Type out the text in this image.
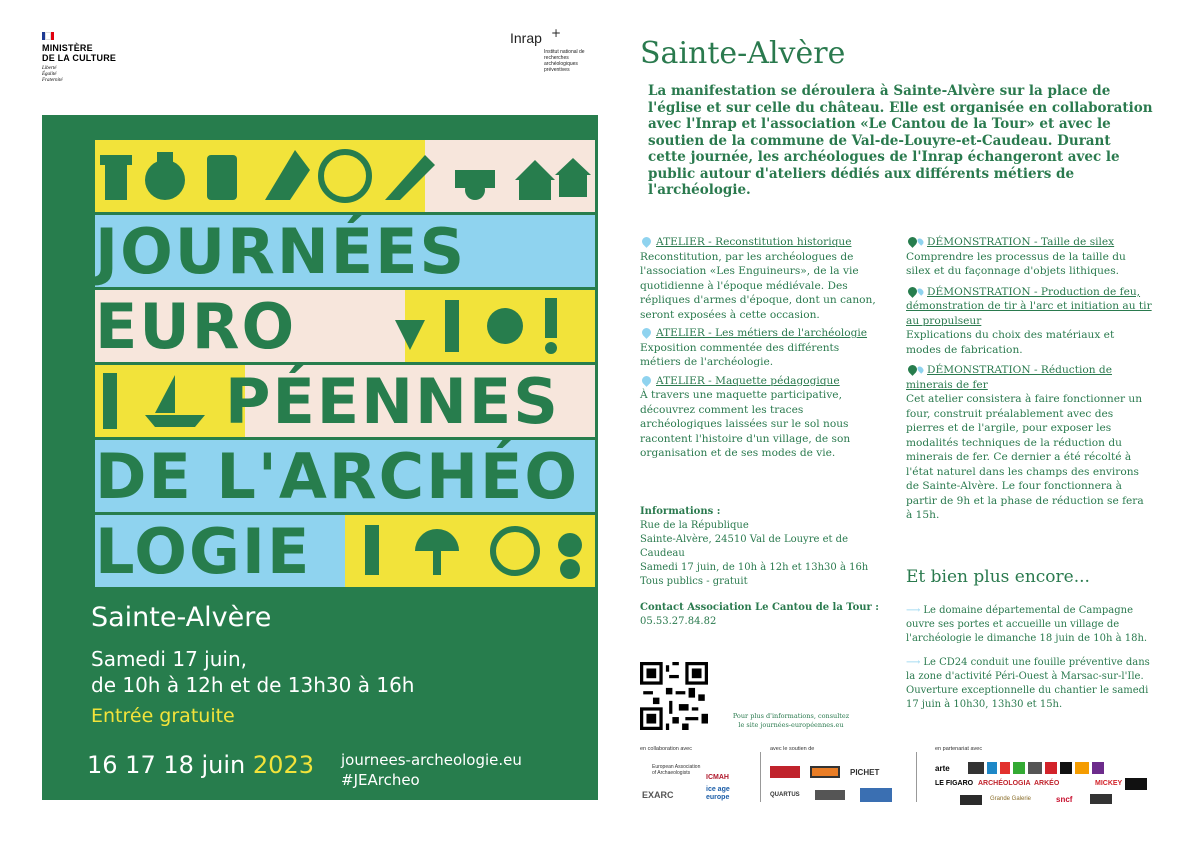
MINISTÈRE
DE LA CULTURE
Liberté
Égalité
Fraternité
Inrap +
Institut national de recherches archéologiques préventives
JOURNÉES
EURO
PÉENNES
DE L'ARCHÉO
LOGIE
Sainte-Alvère
Samedi 17 juin,
de 10h à 12h et de 13h30 à 16h
Entrée gratuite
16 17 18 juin 2023 journees-archeologie.eu
#JEArcheo
Sainte-Alvère
La manifestation se déroulera à Sainte-Alvère sur la place de l'église et sur celle du château. Elle est organisée en collaboration avec l'Inrap et l'association «Le Cantou de la Tour» et avec le soutien de la commune de Val-de-Louyre-et-Caudeau. Durant cette journée, les archéologues de l'Inrap échangeront avec le public autour d'ateliers dédiés aux différents métiers de l'archéologie.
ATELIER - Reconstitution historique
Reconstitution, par les archéologues de l'association «Les Enguineurs», de la vie quotidienne à l'époque médiévale. Des répliques d'armes d'époque, dont un canon, seront exposées à cette occasion.
ATELIER - Les métiers de l'archéologie
Exposition commentée des différents métiers de l'archéologie.
ATELIER - Maquette pédagogique
À travers une maquette participative, découvrez comment les traces archéologiques laissées sur le sol nous racontent l'histoire d'un village, de son organisation et de ses modes de vie.
Informations :
Rue de la République
Sainte-Alvère, 24510 Val de Louyre et de Caudeau
Samedi 17 juin, de 10h à 12h et 13h30 à 16h
Tous publics - gratuit
Contact Association Le Cantou de la Tour :
05.53.27.84.82
DÉMONSTRATION - Taille de silex
Comprendre les processus de la taille du silex et du façonnage d'objets lithiques.
DÉMONSTRATION - Production de feu, démonstration de tir à l'arc et initiation au tir au propulseur
Explications du choix des matériaux et modes de fabrication.
DÉMONSTRATION - Réduction de minerais de fer
Cet atelier consistera à faire fonctionner un four, construit préalablement avec des pierres et de l'argile, pour exposer les modalités techniques de la réduction du minerais de fer. Ce dernier a été récolté à l'état naturel dans les champs des environs de Sainte-Alvère. Le four fonctionnera à partir de 9h et la phase de réduction se fera à 15h.
Et bien plus encore...
⟶ Le domaine départemental de Campagne ouvre ses portes et accueille un village de l'archéologie le dimanche 18 juin de 10h à 18h.
⟶ Le CD24 conduit une fouille préventive dans la zone d'activité Péri-Ouest à Marsac-sur-l'Ile. Ouverture exceptionnelle du chantier le samedi 17 juin à 10h30, 13h30 et 15h.
Pour plus d'informations, consultez
le site journées-européennes.eu
en collaboration avec	avec le soutien de	en partenariat avec
European Association of Archaeologists
ICMAH
EXARC
ice age europe
PICHET
QUARTUS
arte
LE FIGARO ARCHÉOLOGIA ARKÉO	MICKEY
Grande Galerie	sncf
